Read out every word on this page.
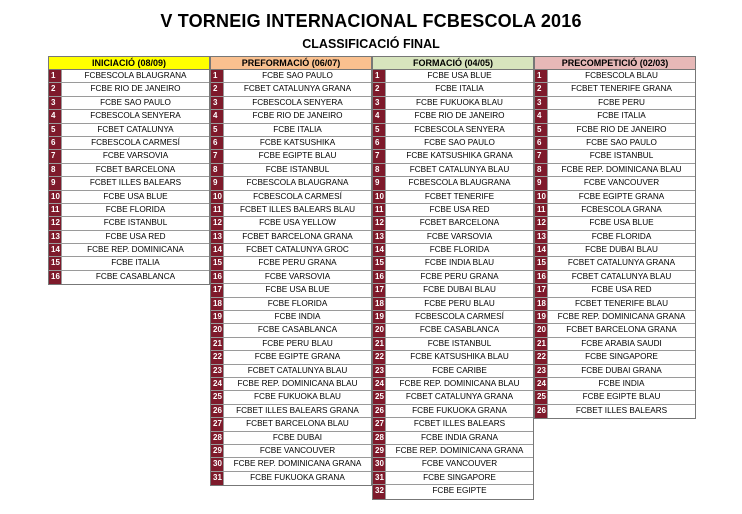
V TORNEIG INTERNACIONAL FCBESCOLA 2016
CLASSIFICACIÓ FINAL
INICIACIÓ (08/09)
1	FCBESCOLA BLAUGRANA
2	FCBE RIO DE JANEIRO
3	FCBE SAO PAULO
4	FCBESCOLA SENYERA
5	FCBET CATALUNYA
6	FCBESCOLA CARMESÍ
7	FCBE VARSOVIA
8	FCBET BARCELONA
9	FCBET ILLES BALEARS
10	FCBE USA BLUE
11	FCBE FLORIDA
12	FCBE ISTANBUL
13	FCBE USA RED
14	FCBE REP. DOMINICANA
15	FCBE ITALIA
16	FCBE CASABLANCA
PREFORMACIÓ (06/07)
1	FCBE SAO PAULO
2	FCBET CATALUNYA GRANA
3	FCBESCOLA SENYERA
4	FCBE RIO DE JANEIRO
5	FCBE ITALIA
6	FCBE KATSUSHIKA
7	FCBE EGIPTE BLAU
8	FCBE ISTANBUL
9	FCBESCOLA BLAUGRANA
10	FCBESCOLA CARMESÍ
11	FCBET ILLES BALEARS BLAU
12	FCBE USA YELLOW
13	FCBET BARCELONA GRANA
14	FCBET CATALUNYA GROC
15	FCBE PERU GRANA
16	FCBE VARSOVIA
17	FCBE USA BLUE
18	FCBE FLORIDA
19	FCBE INDIA
20	FCBE CASABLANCA
21	FCBE PERU BLAU
22	FCBE EGIPTE GRANA
23	FCBET CATALUNYA BLAU
24	FCBE REP. DOMINICANA BLAU
25	FCBE FUKUOKA BLAU
26	FCBET ILLES BALEARS GRANA
27	FCBET BARCELONA BLAU
28	FCBE DUBAI
29	FCBE VANCOUVER
30	FCBE REP. DOMINICANA GRANA
31	FCBE FUKUOKA GRANA
FORMACIÓ (04/05)
1	FCBE USA BLUE
2	FCBE ITALIA
3	FCBE FUKUOKA BLAU
4	FCBE RIO DE JANEIRO
5	FCBESCOLA SENYERA
6	FCBE SAO PAULO
7	FCBE KATSUSHIKA GRANA
8	FCBET CATALUNYA BLAU
9	FCBESCOLA BLAUGRANA
10	FCBET TENERIFE
11	FCBE USA RED
12	FCBET BARCELONA
13	FCBE VARSOVIA
14	FCBE FLORIDA
15	FCBE INDIA BLAU
16	FCBE PERU GRANA
17	FCBE DUBAI BLAU
18	FCBE PERU BLAU
19	FCBESCOLA CARMESÍ
20	FCBE CASABLANCA
21	FCBE ISTANBUL
22	FCBE KATSUSHIKA BLAU
23	FCBE CARIBE
24	FCBE REP. DOMINICANA BLAU
25	FCBET CATALUNYA GRANA
26	FCBE FUKUOKA GRANA
27	FCBET ILLES BALEARS
28	FCBE INDIA GRANA
29	FCBE REP. DOMINICANA GRANA
30	FCBE VANCOUVER
31	FCBE SINGAPORE
32	FCBE EGIPTE
PRECOMPETICIÓ (02/03)
1	FCBESCOLA BLAU
2	FCBET TENERIFE GRANA
3	FCBE PERU
4	FCBE ITALIA
5	FCBE RIO DE JANEIRO
6	FCBE SAO PAULO
7	FCBE ISTANBUL
8	FCBE REP. DOMINICANA BLAU
9	FCBE VANCOUVER
10	FCBE EGIPTE GRANA
11	FCBESCOLA GRANA
12	FCBE USA BLUE
13	FCBE FLORIDA
14	FCBE DUBAI BLAU
15	FCBET CATALUNYA GRANA
16	FCBET CATALUNYA BLAU
17	FCBE USA RED
18	FCBET TENERIFE BLAU
19	FCBE REP. DOMINICANA GRANA
20	FCBET BARCELONA GRANA
21	FCBE ARABIA SAUDI
22	FCBE SINGAPORE
23	FCBE DUBAI GRANA
24	FCBE INDIA
25	FCBE EGIPTE BLAU
26	FCBET ILLES BALEARS
